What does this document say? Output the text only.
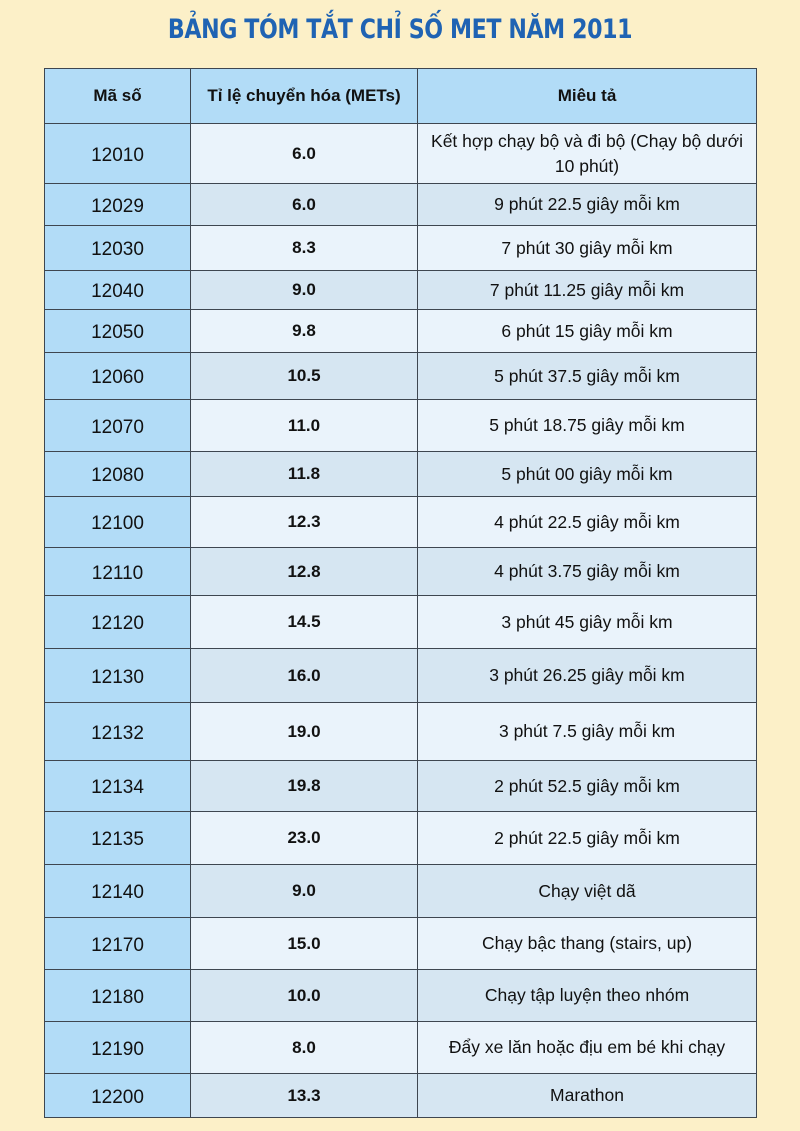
BẢNG TÓM TẮT CHỈ SỐ MET NĂM 2011
Mã số	Tỉ lệ chuyển hóa (METs)	Miêu tả
12010	6.0	Kết hợp chạy bộ và đi bộ (Chạy bộ dưới 10 phút)
12029	6.0	9 phút 22.5 giây mỗi km
12030	8.3	7 phút 30 giây mỗi km
12040	9.0	7 phút 11.25 giây mỗi km
12050	9.8	6 phút 15 giây mỗi km
12060	10.5	5 phút 37.5 giây mỗi km
12070	11.0	5 phút 18.75 giây mỗi km
12080	11.8	5 phút 00 giây mỗi km
12100	12.3	4 phút 22.5 giây mỗi km
12110	12.8	4 phút 3.75 giây mỗi km
12120	14.5	3 phút 45 giây mỗi km
12130	16.0	3 phút 26.25 giây mỗi km
12132	19.0	3 phút 7.5 giây mỗi km
12134	19.8	2 phút 52.5 giây mỗi km
12135	23.0	2 phút 22.5 giây mỗi km
12140	9.0	Chạy việt dã
12170	15.0	Chạy bậc thang (stairs, up)
12180	10.0	Chạy tập luyện theo nhóm
12190	8.0	Đẩy xe lăn hoặc địu em bé khi chạy
12200	13.3	Marathon
